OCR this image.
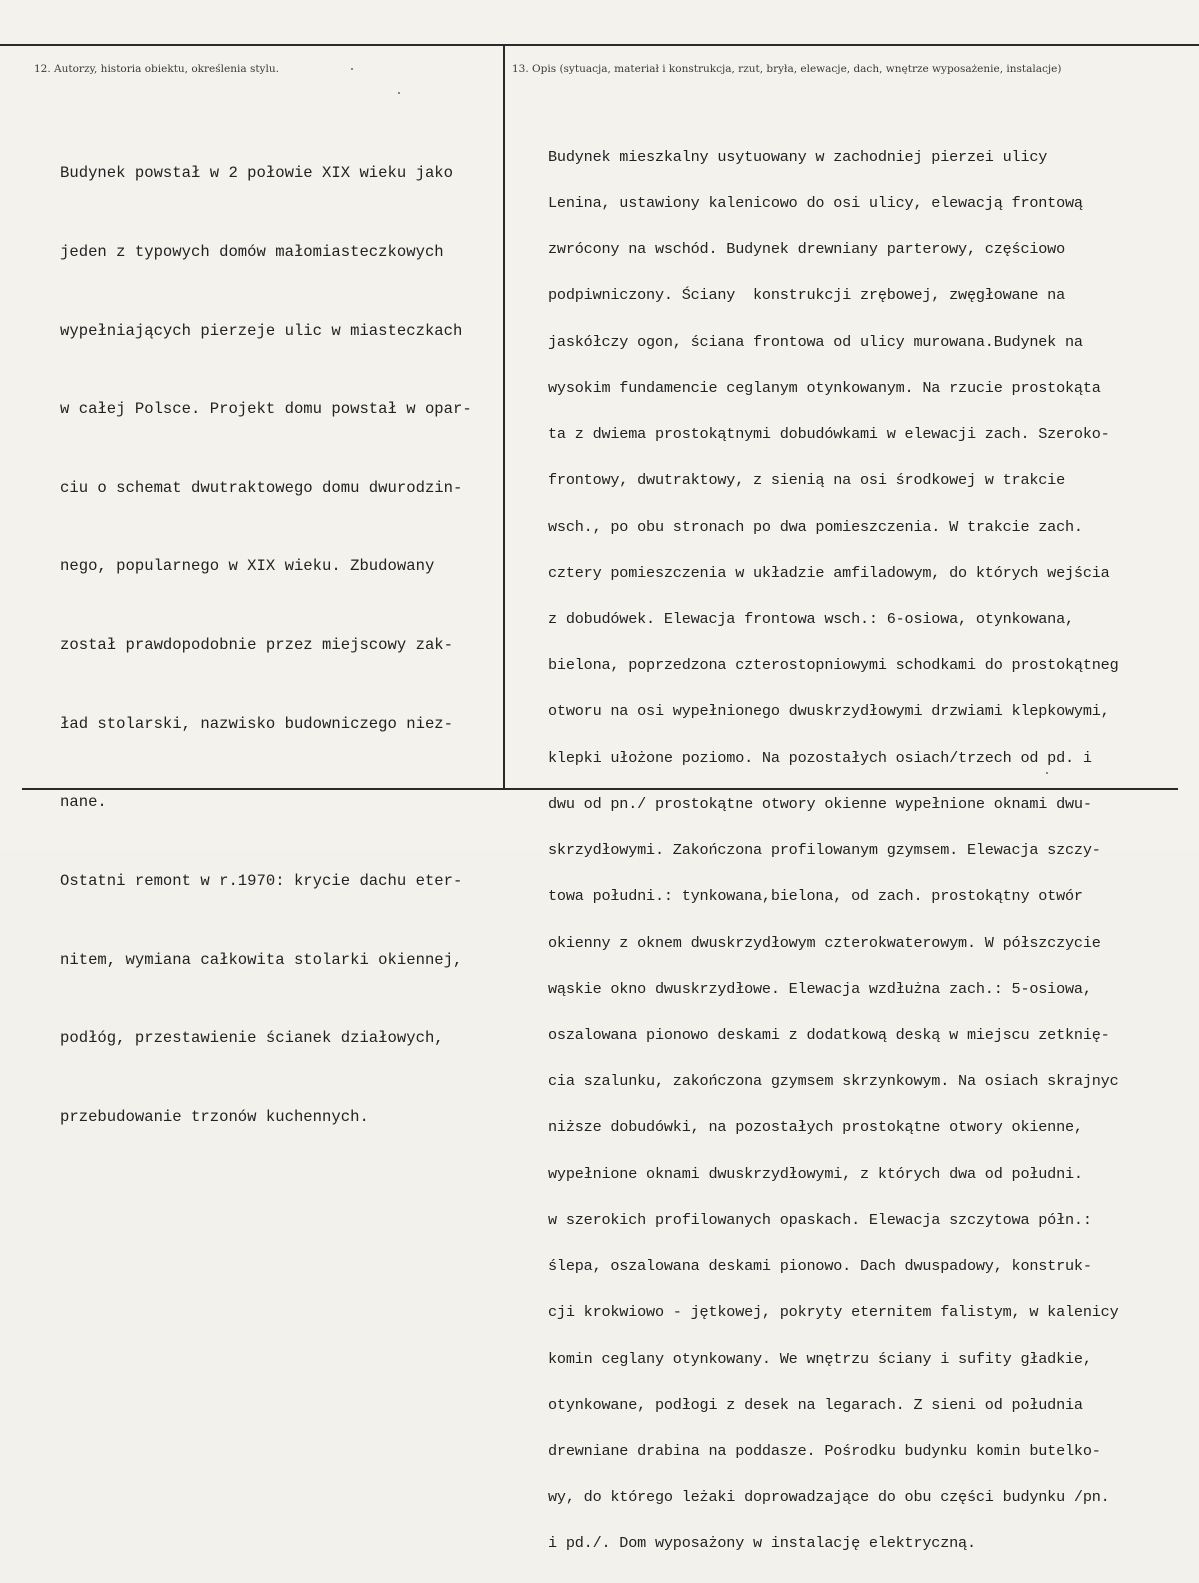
12. Autorzy, historia obiektu, określenia stylu.	13. Opis (sytuacja, materiał i konstrukcja, rzut, bryła, elewacje, dach, wnętrze wyposażenie, instalacje)

Budynek powstał w 2 połowie XIX wieku jako

jeden z typowych domów małomiasteczkowych

wypełniających pierzeje ulic w miasteczkach

w całej Polsce. Projekt domu powstał w opar-

ciu o schemat dwutraktowego domu dwurodzin-

nego, popularnego w XIX wieku. Zbudowany

został prawdopodobnie przez miejscowy zak-

ład stolarski, nazwisko budowniczego niez-

nane.

Ostatni remont w r.1970: krycie dachu eter-

nitem, wymiana całkowita stolarki okiennej,

podłóg, przestawienie ścianek działowych,

przebudowanie trzonów kuchennych.

Budynek mieszkalny usytuowany w zachodniej pierzei ulicy

Lenina, ustawiony kalenicowo do osi ulicy, elewacją frontową

zwrócony na wschód. Budynek drewniany parterowy, częściowo

podpiwniczony. Ściany  konstrukcji zrębowej, zwęgłowane na

jaskółczy ogon, ściana frontowa od ulicy murowana.Budynek na

wysokim fundamencie ceglanym otynkowanym. Na rzucie prostokąta

ta z dwiema prostokątnymi dobudówkami w elewacji zach. Szeroko-

frontowy, dwutraktowy, z sienią na osi środkowej w trakcie

wsch., po obu stronach po dwa pomieszczenia. W trakcie zach.

cztery pomieszczenia w układzie amfiladowym, do których wejścia

z dobudówek. Elewacja frontowa wsch.: 6-osiowa, otynkowana,

bielona, poprzedzona czterostopniowymi schodkami do prostokątneg

otworu na osi wypełnionego dwuskrzydłowymi drzwiami klepkowymi,

klepki ułożone poziomo. Na pozostałych osiach/trzech od pd. i

dwu od pn./ prostokątne otwory okienne wypełnione oknami dwu-

skrzydłowymi. Zakończona profilowanym gzymsem. Elewacja szczy-

towa południ.: tynkowana,bielona, od zach. prostokątny otwór

okienny z oknem dwuskrzydłowym czterokwaterowym. W półszczycie

wąskie okno dwuskrzydłowe. Elewacja wzdłużna zach.: 5-osiowa,

oszalowana pionowo deskami z dodatkową deską w miejscu zetknię-

cia szalunku, zakończona gzymsem skrzynkowym. Na osiach skrajnyc

niższe dobudówki, na pozostałych prostokątne otwory okienne,

wypełnione oknami dwuskrzydłowymi, z których dwa od południ.

w szerokich profilowanych opaskach. Elewacja szczytowa półn.:

ślepa, oszalowana deskami pionowo. Dach dwuspadowy, konstruk-

cji krokwiowo - jętkowej, pokryty eternitem falistym, w kalenicy

komin ceglany otynkowany. We wnętrzu ściany i sufity gładkie,

otynkowane, podłogi z desek na legarach. Z sieni od południa

drewniane drabina na poddasze. Pośrodku budynku komin butelko-

wy, do którego leżaki doprowadzające do obu części budynku /pn.

i pd./. Dom wyposażony w instalację elektryczną.
